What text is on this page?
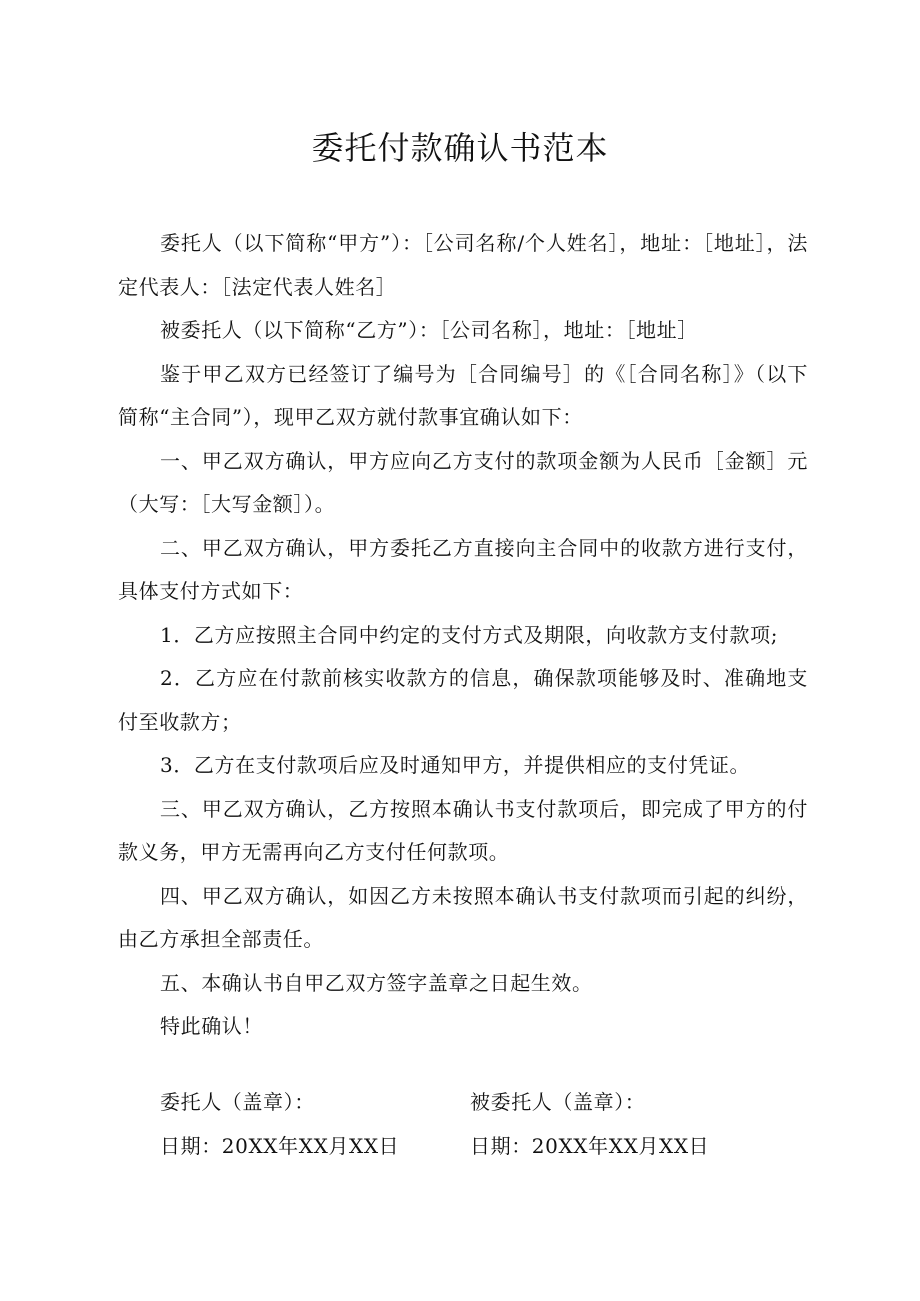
委托付款确认书范本

委托人（以下简称“甲方”）：［公司名称/个人姓名］，地址：［地址］，法定代表人：［法定代表人姓名］

被委托人（以下简称“乙方”）：［公司名称］，地址：［地址］

鉴于甲乙双方已经签订了编号为［合同编号］的《［合同名称］》（以下简称“主合同”），现甲乙双方就付款事宜确认如下：

一、甲乙双方确认，甲方应向乙方支付的款项金额为人民币［金额］元（大写：［大写金额］）。

二、甲乙双方确认，甲方委托乙方直接向主合同中的收款方进行支付，具体支付方式如下：

1．乙方应按照主合同中约定的支付方式及期限，向收款方支付款项;

2．乙方应在付款前核实收款方的信息，确保款项能够及时、准确地支付至收款方；

3．乙方在支付款项后应及时通知甲方，并提供相应的支付凭证。

三、甲乙双方确认，乙方按照本确认书支付款项后，即完成了甲方的付款义务，甲方无需再向乙方支付任何款项。

四、甲乙双方确认，如因乙方未按照本确认书支付款项而引起的纠纷，由乙方承担全部责任。

五、本确认书自甲乙双方签字盖章之日起生效。

特此确认！

委托人（盖章）：
日期：20XX年XX月XX日
被委托人（盖章）：
日期：20XX年XX月XX日
